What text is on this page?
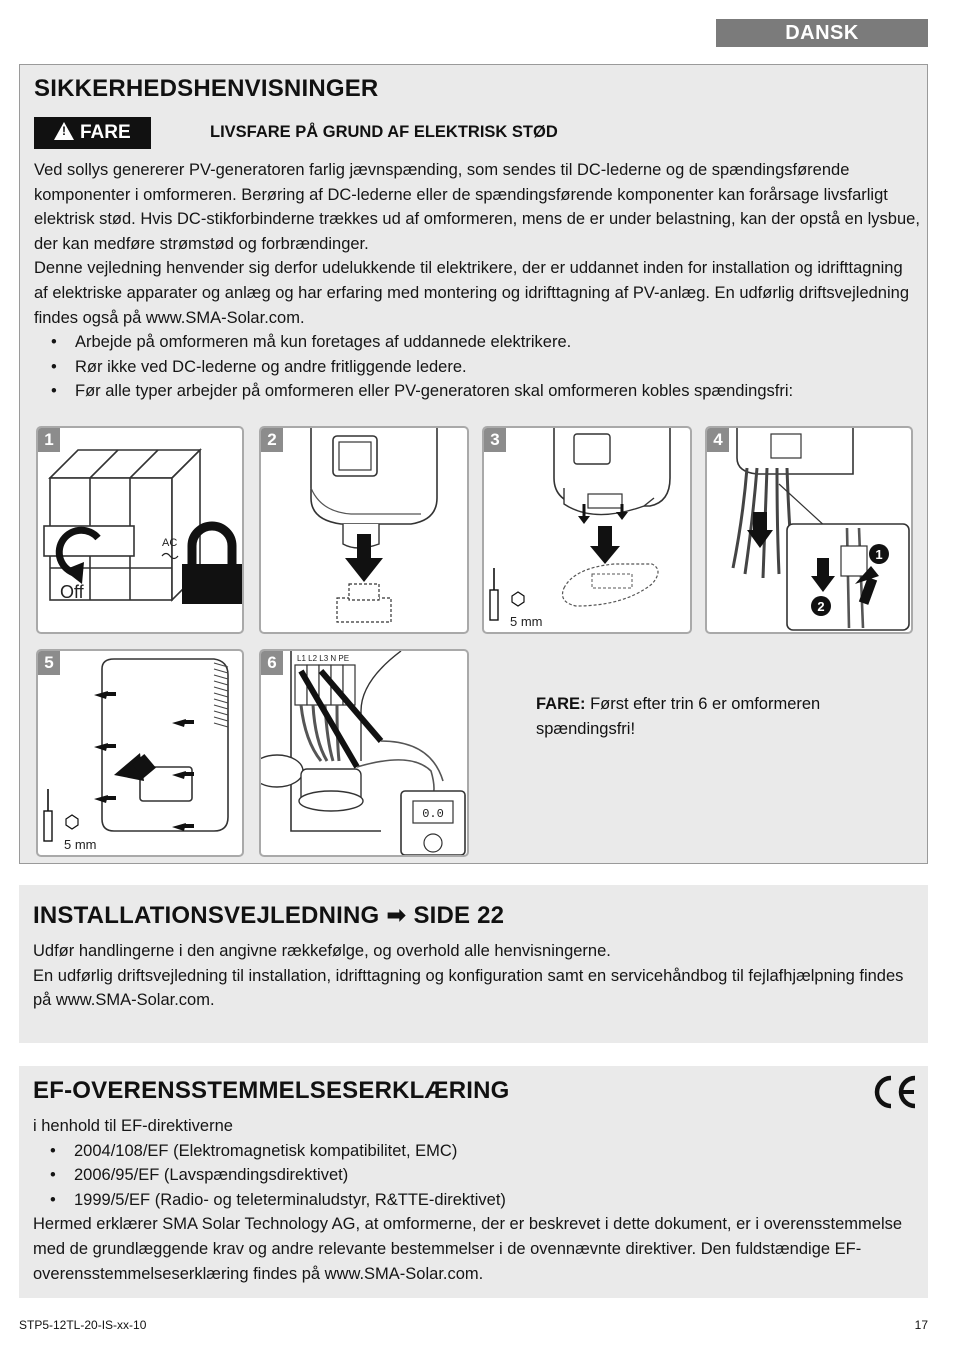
DANSK
SIKKERHEDSHENVISNINGER
!FARE	LIVSFARE PÅ GRUND AF ELEKTRISK STØD

Ved sollys genererer PV-generatoren farlig jævnspænding, som sendes til DC-lederne og de spændingsførende komponenter i omformeren. Berøring af DC-lederne eller de spændingsførende komponenter kan forårsage livsfarligt elektrisk stød. Hvis DC-stikforbinderne trækkes ud af omformeren, mens de er under belastning, kan der opstå en lysbue, der kan medføre strømstød og forbrændinger.

Denne vejledning henvender sig derfor udelukkende til elektrikere, der er uddannet inden for installation og idrifttagning af elektriske apparater og anlæg og har erfaring med montering og idrifttagning af PV-anlæg. En udførlig driftsvejledning findes også på www.SMA-Solar.com.

• Arbejde på omformeren må kun foretages af uddannede elektrikere.
• Rør ikke ved DC-lederne og andre fritliggende ledere.
• Før alle typer arbejder på omformeren eller PV-generatoren skal omformeren kobles spændingsfri:
1
Off
AC
2	3
5 mm
4
1
2
5
5 mm
6	L1 L2 L3 N PE
0.0
FARE: Først efter trin 6 er omformeren spændingsfri!
INSTALLATIONSVEJLEDNING ➡ SIDE 22

Udfør handlingerne i den angivne rækkefølge, og overhold alle henvisningerne.

En udførlig driftsvejledning til installation, idrifttagning og konfiguration samt en servicehåndbog til fejlafhjælpning findes på www.SMA-Solar.com.

EF-OVERENSSTEMMELSESERKLÆRING

i henhold til EF-direktiverne

• 2004/108/EF (Elektromagnetisk kompatibilitet, EMC)
• 2006/95/EF (Lavspændingsdirektivet)
• 1999/5/EF (Radio- og teleterminaludstyr, R&TTE-direktivet)

Hermed erklærer SMA Solar Technology AG, at omformerne, der er beskrevet i dette dokument, er i overensstemmelse med de grundlæggende krav og andre relevante bestemmelser i de ovennævnte direktiver. Den fuldstændige EF-overensstemmelseserklæring findes på www.SMA-Solar.com.

STP5-12TL-20-IS-xx-10	17
